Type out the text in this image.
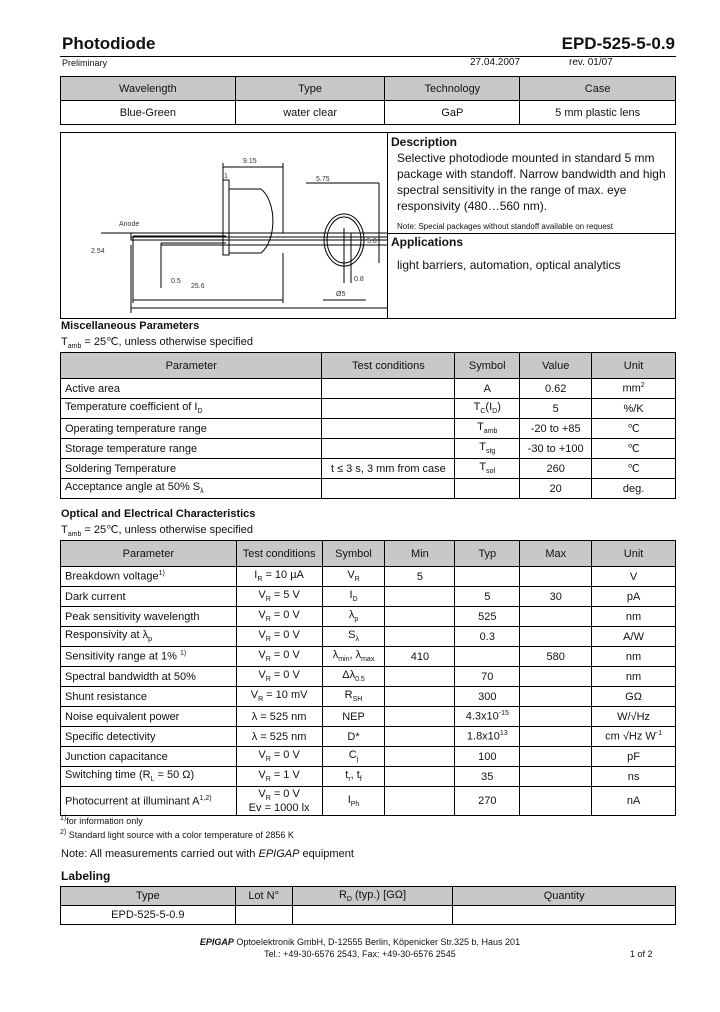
Photodiode	EPD-525-5-0.9
Preliminary	27.04.2007	rev. 01/07
Wavelength	Type	Technology	Case
Blue-Green	water clear	GaP	5 mm plastic lens
9.15
1
Anode
5.75
2.54
0.5
25.6
0.8
Ø5
5.8
Description
Selective photodiode mounted in standard 5 mm package with standoff. Narrow bandwidth and high spectral sensitivity in the range of max. eye responsivity (480…560 nm).
Note: Special packages without standoff available on request
Applications
light barriers, automation, optical analytics
Miscellaneous Parameters
$T_{amb}$ = 25℃, unless otherwise specified
Parameter	Test conditions	Symbol	Value	Unit
Active area		A	0.62	$mm^2$
Temperature coefficient of $I_D$		$T_C(I_D)$	5	%/K
Operating temperature range		$T_{amb}$	-20 to +85	℃
Storage temperature range		$T_{stg}$	-30 to +100	℃
Soldering Temperature	t ≤ 3 s, 3 mm from case	$T_{sol}$	260	℃
Acceptance angle at 50% $S_\lambda$			20	deg.
Optical and Electrical Characteristics
$T_{amb}$ = 25℃, unless otherwise specified
Parameter	Test conditions	Symbol	Min	Typ	Max	Unit
Breakdown voltage$^{1)}$	$I_R = 10$ µA	$V_R$	5			V
Dark current	$V_R = 5$ V	$I_D$		5	30	pA
Peak sensitivity wavelength	$V_R = 0$ V	$\lambda_p$		525		nm
Responsivity at $\lambda_p$	$V_R = 0$ V	$S_\lambda$		0.3		A/W
Sensitivity range at 1% $^{1)}$	$V_R = 0$ V	$\lambda_{min}$, $\lambda_{max}$	410		580	nm
Spectral bandwidth at 50%	$V_R = 0$ V	$\Delta\lambda_{0.5}$		70		nm
Shunt resistance	$V_R = 10$ mV	$R_{SH}$		300		GΩ
Noise equivalent power	λ = 525 nm	NEP		$4.3x10^{-15}$		W/√Hz
Specific detectivity	λ = 525 nm	D*		$1.8x10^{13}$		cm √Hz $W^{-1}$
Junction capacitance	$V_R = 0$ V	$C_j$		100		pF
Switching time ($R_L = 50$ Ω)	$V_R = 1$ V	$t_r$, $t_f$		35		ns
Photocurrent at illuminant A$^{1,2)}$	$V_R = 0$ V
Ev = 1000 lx	$I_{Ph}$		270		nA
$^{1)}$for information only
$^{2)}$ Standard light source with a color temperature of 2856 K
Note: All measurements carried out with EPIGAP equipment
Labeling
Type	Lot N°	$R_D$ (typ.) [GΩ]	Quantity
EPD-525-5-0.9			
EPIGAP Optoelektronik GmbH, D-12555 Berlin, Köpenicker Str.325 b, Haus 201
Tel.: +49-30-6576 2543, Fax: +49-30-6576 2545	1 of 2
